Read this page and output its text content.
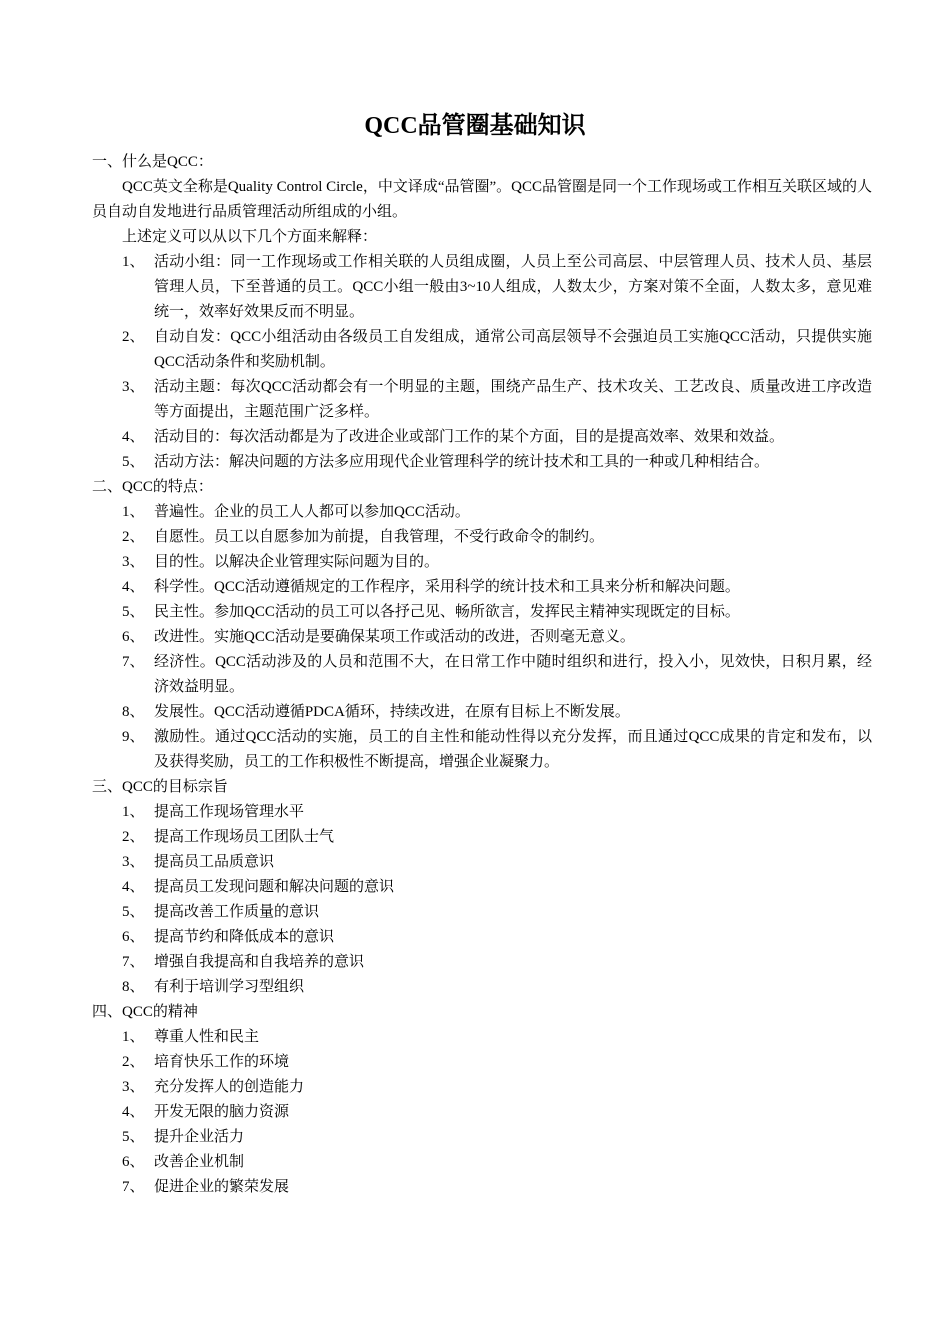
QCC品管圈基础知识

一、什么是QCC：

QCC英文全称是Quality Control Circle，中文译成“品管圈”。QCC品管圈是同一个工作现场或工作相互关联区域的人员自动自发地进行品质管理活动所组成的小组。

上述定义可以从以下几个方面来解释：

1、 活动小组：同一工作现场或工作相关联的人员组成圈，人员上至公司高层、中层管理人员、技术人员、基层管理人员，下至普通的员工。QCC小组一般由3~10人组成，人数太少，方案对策不全面，人数太多，意见难统一，效率好效果反而不明显。
2、 自动自发：QCC小组活动由各级员工自发组成，通常公司高层领导不会强迫员工实施QCC活动，只提供实施QCC活动条件和奖励机制。
3、 活动主题：每次QCC活动都会有一个明显的主题，围绕产品生产、技术攻关、工艺改良、质量改进工序改造等方面提出，主题范围广泛多样。
4、 活动目的：每次活动都是为了改进企业或部门工作的某个方面，目的是提高效率、效果和效益。
5、 活动方法：解决问题的方法多应用现代企业管理科学的统计技术和工具的一种或几种相结合。

二、QCC的特点：

1、 普遍性。企业的员工人人都可以参加QCC活动。
2、 自愿性。员工以自愿参加为前提，自我管理，不受行政命令的制约。
3、 目的性。以解决企业管理实际问题为目的。
4、 科学性。QCC活动遵循规定的工作程序，采用科学的统计技术和工具来分析和解决问题。
5、 民主性。参加QCC活动的员工可以各抒己见、畅所欲言，发挥民主精神实现既定的目标。
6、 改进性。实施QCC活动是要确保某项工作或活动的改进，否则毫无意义。
7、 经济性。QCC活动涉及的人员和范围不大，在日常工作中随时组织和进行，投入小，见效快，日积月累，经济效益明显。
8、 发展性。QCC活动遵循PDCA循环，持续改进，在原有目标上不断发展。
9、 激励性。通过QCC活动的实施，员工的自主性和能动性得以充分发挥，而且通过QCC成果的肯定和发布，以及获得奖励，员工的工作积极性不断提高，增强企业凝聚力。

三、QCC的目标宗旨

1、 提高工作现场管理水平
2、 提高工作现场员工团队士气
3、 提高员工品质意识
4、 提高员工发现问题和解决问题的意识
5、 提高改善工作质量的意识
6、 提高节约和降低成本的意识
7、 增强自我提高和自我培养的意识
8、 有利于培训学习型组织

四、QCC的精神

1、 尊重人性和民主
2、 培育快乐工作的环境
3、 充分发挥人的创造能力
4、 开发无限的脑力资源
5、 提升企业活力
6、 改善企业机制
7、 促进企业的繁荣发展
